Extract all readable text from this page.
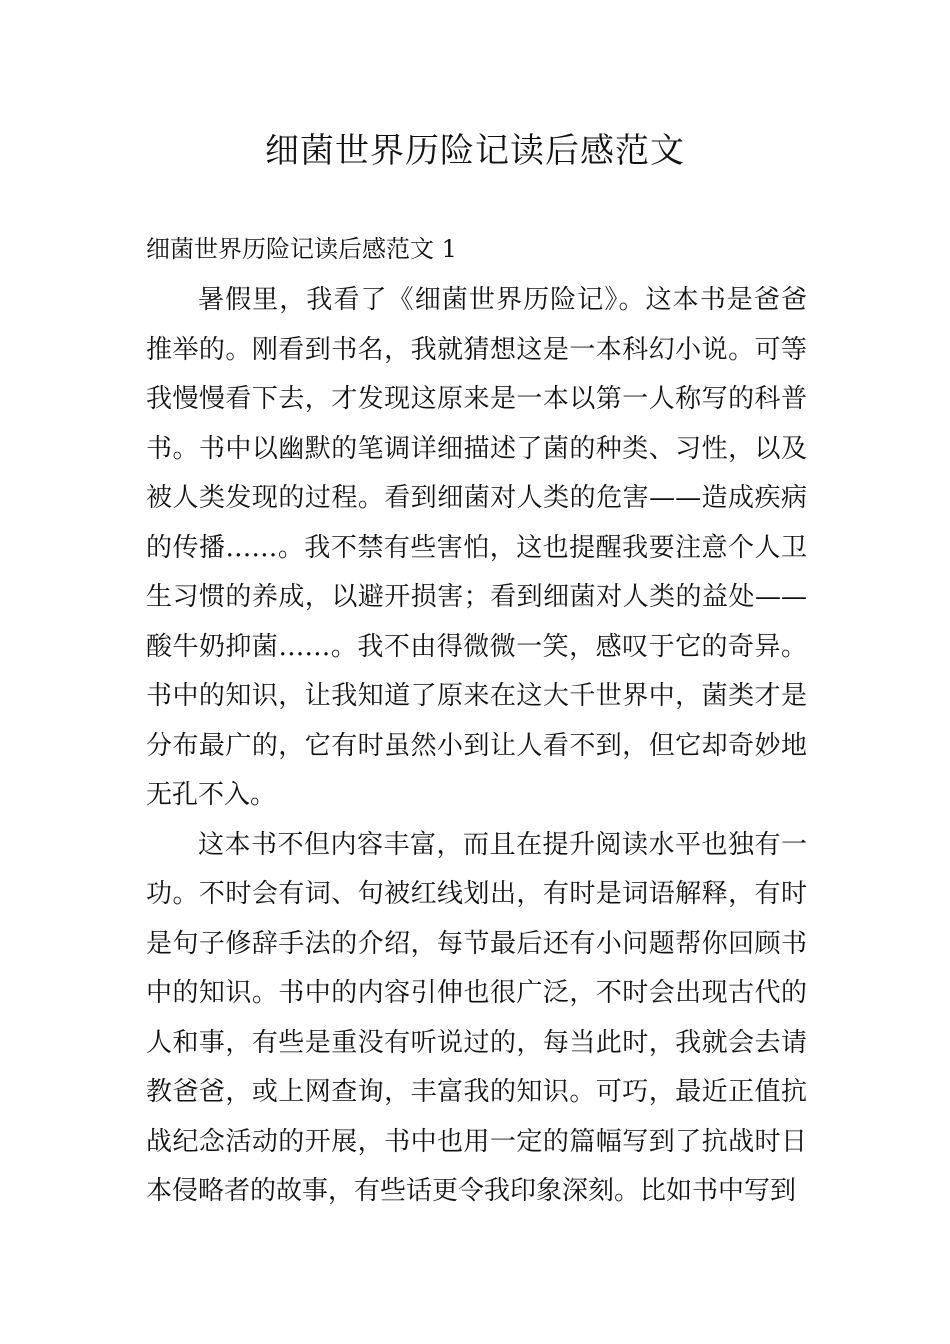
细菌世界历险记读后感范文

细菌世界历险记读后感范文 1

暑假里，我看了《细菌世界历险记》。这本书是爸爸推举的。刚看到书名，我就猜想这是一本科幻小说。可等我慢慢看下去，才发现这原来是一本以第一人称写的科普书。书中以幽默的笔调详细描述了菌的种类、习性，以及被人类发现的过程。看到细菌对人类的危害——造成疾病的传播……。我不禁有些害怕，这也提醒我要注意个人卫生习惯的养成，以避开损害；看到细菌对人类的益处——酸牛奶抑菌……。我不由得微微一笑，感叹于它的奇异。书中的知识，让我知道了原来在这大千世界中，菌类才是分布最广的，它有时虽然小到让人看不到，但它却奇妙地无孔不入。

这本书不但内容丰富，而且在提升阅读水平也独有一功。不时会有词、句被红线划出，有时是词语解释，有时是句子修辞手法的介绍，每节最后还有小问题帮你回顾书中的知识。书中的内容引伸也很广泛，不时会出现古代的人和事，有些是重没有听说过的，每当此时，我就会去请教爸爸，或上网查询，丰富我的知识。可巧，最近正值抗战纪念活动的开展，书中也用一定的篇幅写到了抗战时日本侵略者的故事，有些话更令我印象深刻。比如书中写到
